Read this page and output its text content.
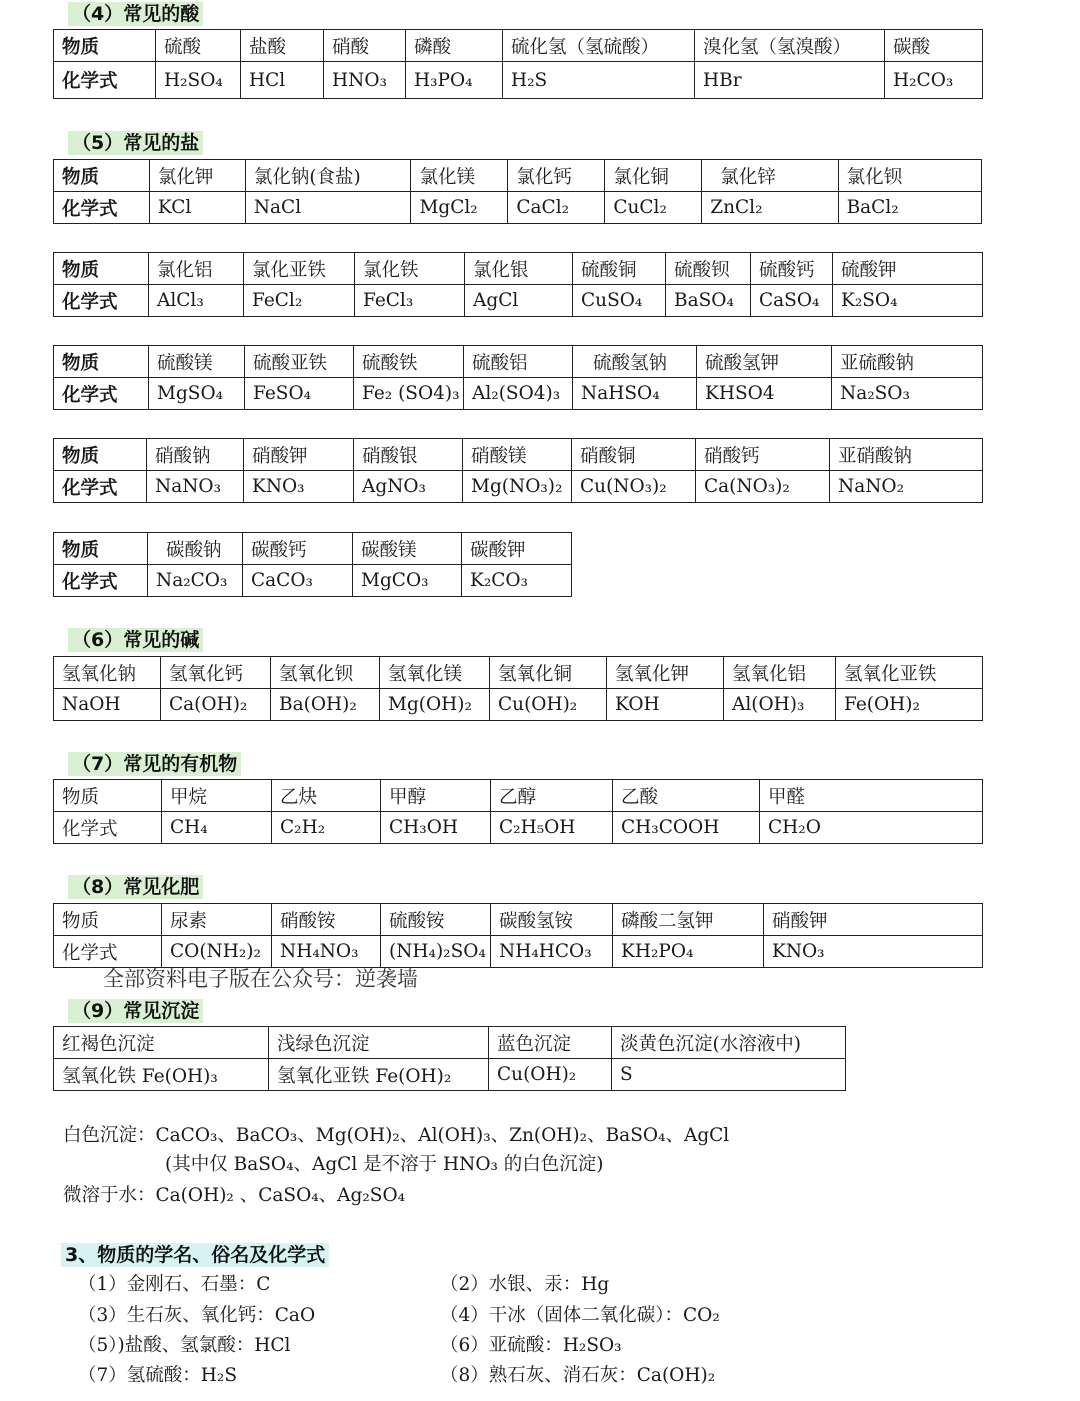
（4）常见的酸
物质	硫酸	盐酸	硝酸	磷酸	硫化氢（氢硫酸）	溴化氢（氢溴酸）	碳酸
化学式	H₂SO₄	HCl	HNO₃	H₃PO₄	H₂S	HBr	H₂CO₃
（5）常见的盐
物质	氯化钾	氯化钠(食盐)	氯化镁	氯化钙	氯化铜	氯化锌	氯化钡
化学式	KCl	NaCl	MgCl₂	CaCl₂	CuCl₂	ZnCl₂	BaCl₂
物质	氯化铝	氯化亚铁	氯化铁	氯化银	硫酸铜	硫酸钡	硫酸钙	硫酸钾
化学式	AlCl₃	FeCl₂	FeCl₃	AgCl	CuSO₄	BaSO₄	CaSO₄	K₂SO₄
物质	硫酸镁	硫酸亚铁	硫酸铁	硫酸铝	硫酸氢钠	硫酸氢钾	亚硫酸钠
化学式	MgSO₄	FeSO₄	Fe₂ (SO4)₃	Al₂(SO4)₃	NaHSO₄	KHSO4	Na₂SO₃
物质	硝酸钠	硝酸钾	硝酸银	硝酸镁	硝酸铜	硝酸钙	亚硝酸钠
化学式	NaNO₃	KNO₃	AgNO₃	Mg(NO₃)₂	Cu(NO₃)₂	Ca(NO₃)₂	NaNO₂
物质	碳酸钠	碳酸钙	碳酸镁	碳酸钾
化学式	Na₂CO₃	CaCO₃	MgCO₃	K₂CO₃
（6）常见的碱
氢氧化钠	氢氧化钙	氢氧化钡	氢氧化镁	氢氧化铜	氢氧化钾	氢氧化铝	氢氧化亚铁
NaOH	Ca(OH)₂	Ba(OH)₂	Mg(OH)₂	Cu(OH)₂	KOH	Al(OH)₃	Fe(OH)₂
（7）常见的有机物
物质	甲烷	乙炔	甲醇	乙醇	乙酸	甲醛
化学式	CH₄	C₂H₂	CH₃OH	C₂H₅OH	CH₃COOH	CH₂O
（8）常见化肥
物质	尿素	硝酸铵	硫酸铵	碳酸氢铵	磷酸二氢钾	硝酸钾
化学式	CO(NH₂)₂	NH₄NO₃	(NH₄)₂SO₄	NH₄HCO₃	KH₂PO₄	KNO₃
全部资料电子版在公众号：逆袭墙
（9）常见沉淀
红褐色沉淀	浅绿色沉淀	蓝色沉淀	淡黄色沉淀(水溶液中)
氢氧化铁 Fe(OH)₃	氢氧化亚铁 Fe(OH)₂	Cu(OH)₂	S
白色沉淀：CaCO₃、BaCO₃、Mg(OH)₂、Al(OH)₃、Zn(OH)₂、BaSO₄、AgCl
(其中仅 BaSO₄、AgCl 是不溶于 HNO₃ 的白色沉淀)
微溶于水：Ca(OH)₂ 、CaSO₄、Ag₂SO₄
3、物质的学名、俗名及化学式
（1）金刚石、石墨：C	（2）水银、汞：Hg
（3）生石灰、氧化钙：CaO	（4）干冰（固体二氧化碳）：CO₂
（5）)盐酸、氢氯酸：HCl	（6）亚硫酸：H₂SO₃
（7）氢硫酸：H₂S	（8）熟石灰、消石灰：Ca(OH)₂
